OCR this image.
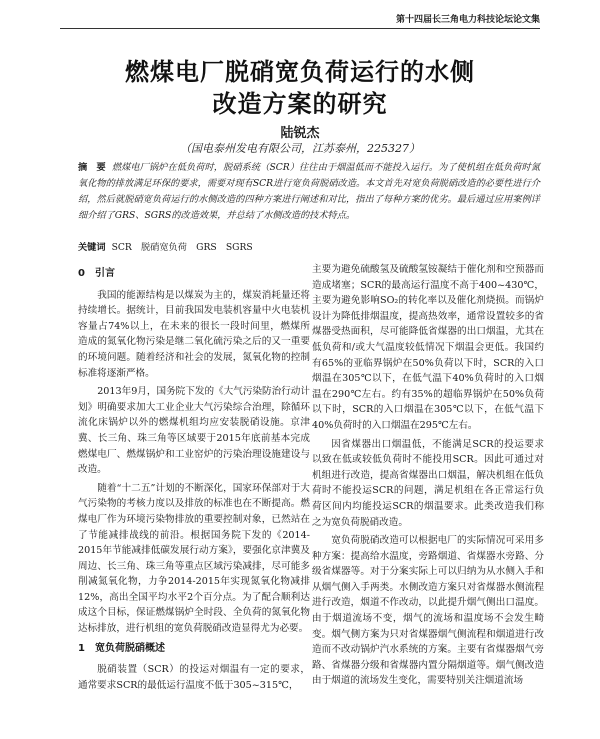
第十四届长三角电力科技论坛论文集
燃煤电厂脱硝宽负荷运行的水侧
改造方案的研究
陆锐杰
（国电泰州发电有限公司，江苏泰州，225327）
摘　要 燃煤电厂锅炉在低负荷时，脱硝系统（SCR）往往由于烟温低而不能投入运行。为了使机组在低负荷时氮氧化物的排放满足环保的要求，需要对现有SCR进行宽负荷脱硝改造。本文首先对宽负荷脱硝改造的必要性进行介绍，然后就脱硝宽负荷运行的水侧改造的四种方案进行阐述和对比，指出了每种方案的优劣。最后通过应用案例详细介绍了GRS、SGRS的改造效果，并总结了水侧改造的技术特点。
关键词 SCR　脱硝宽负荷　GRS　SGRS
0　引言

我国的能源结构是以煤炭为主的，煤炭消耗量还将持续增长。据统计，目前我国发电装机容量中火电装机容量占74%以上，在未来的很长一段时间里，燃煤所造成的氮氧化物污染是继二氧化硫污染之后的又一重要的环境问题。随着经济和社会的发展，氮氧化物的控制标准将逐渐严格。

2013年9月，国务院下发的《大气污染防治行动计划》明确要求加大工业企业大气污染综合治理，除循环流化床锅炉以外的燃煤机组均应安装脱硝设施。京津冀、长三角、珠三角等区域要于2015年底前基本完成燃煤电厂、燃煤锅炉和工业窑炉的污染治理设施建设与改造。

随着“十二五”计划的不断深化，国家环保部对于大气污染物的考核力度以及排放的标准也在不断提高。燃煤电厂作为环境污染物排放的重要控制对象，已然站在了节能减排战线的前沿。根据国务院下发的《2014-2015年节能减排低碳发展行动方案》，要强化京津冀及周边、长三角、珠三角等重点区域污染减排，尽可能多削减氮氧化物，力争2014-2015年实现氮氧化物减排12%，高出全国平均水平2个百分点。为了配合顺利达成这个目标，保证燃煤锅炉全时段、全负荷的氮氧化物达标排放，进行机组的宽负荷脱硝改造显得尤为必要。

1　宽负荷脱硝概述

脱硝装置（SCR）的投运对烟温有一定的要求，通常要求SCR的最低运行温度不低于305~315℃，

主要为避免硫酸氢及硫酸氢铵凝结于催化剂和空预器而造成堵塞；SCR的最高运行温度不高于400~430℃，主要为避免影响SO₂的转化率以及催化剂烧损。而锅炉设计为降低排烟温度，提高热效率，通常设置较多的省煤器受热面积，尽可能降低省煤器的出口烟温，尤其在低负荷和/或大气温度较低情况下烟温会更低。我国约有65%的亚临界锅炉在50%负荷以下时，SCR的入口烟温在305℃以下，在低气温下40%负荷时的入口烟温在290℃左右。约有35%的超临界锅炉在50%负荷以下时，SCR的入口烟温在305℃以下，在低气温下40%负荷时的入口烟温在295℃左右。

因省煤器出口烟温低，不能满足SCR的投运要求以致在低或较低负荷时不能投用SCR。因此可通过对机组进行改造，提高省煤器出口烟温，解决机组在低负荷时不能投运SCR的问题，满足机组在各正常运行负荷区间内均能投运SCR的烟温要求。此类改造我们称之为宽负荷脱硝改造。

宽负荷脱硝改造可以根据电厂的实际情况可采用多种方案：提高给水温度，旁路烟道、省煤器水旁路、分级省煤器等。对于分案实际上可以归纳为从水侧入手和从烟气侧入手两类。水侧改造方案只对省煤器水侧流程进行改造，烟道不作改动，以此提升烟气侧出口温度。由于烟道流场不变，烟气的流场和温度场不会发生畸变。烟气侧方案为只对省煤器烟气侧流程和烟道进行改造而不改动锅炉汽水系统的方案。主要有省煤器烟气旁路、省煤器分级和省煤器内置分隔烟道等。烟气侧改造由于烟道的流场发生变化，需要特别关注烟道流场
